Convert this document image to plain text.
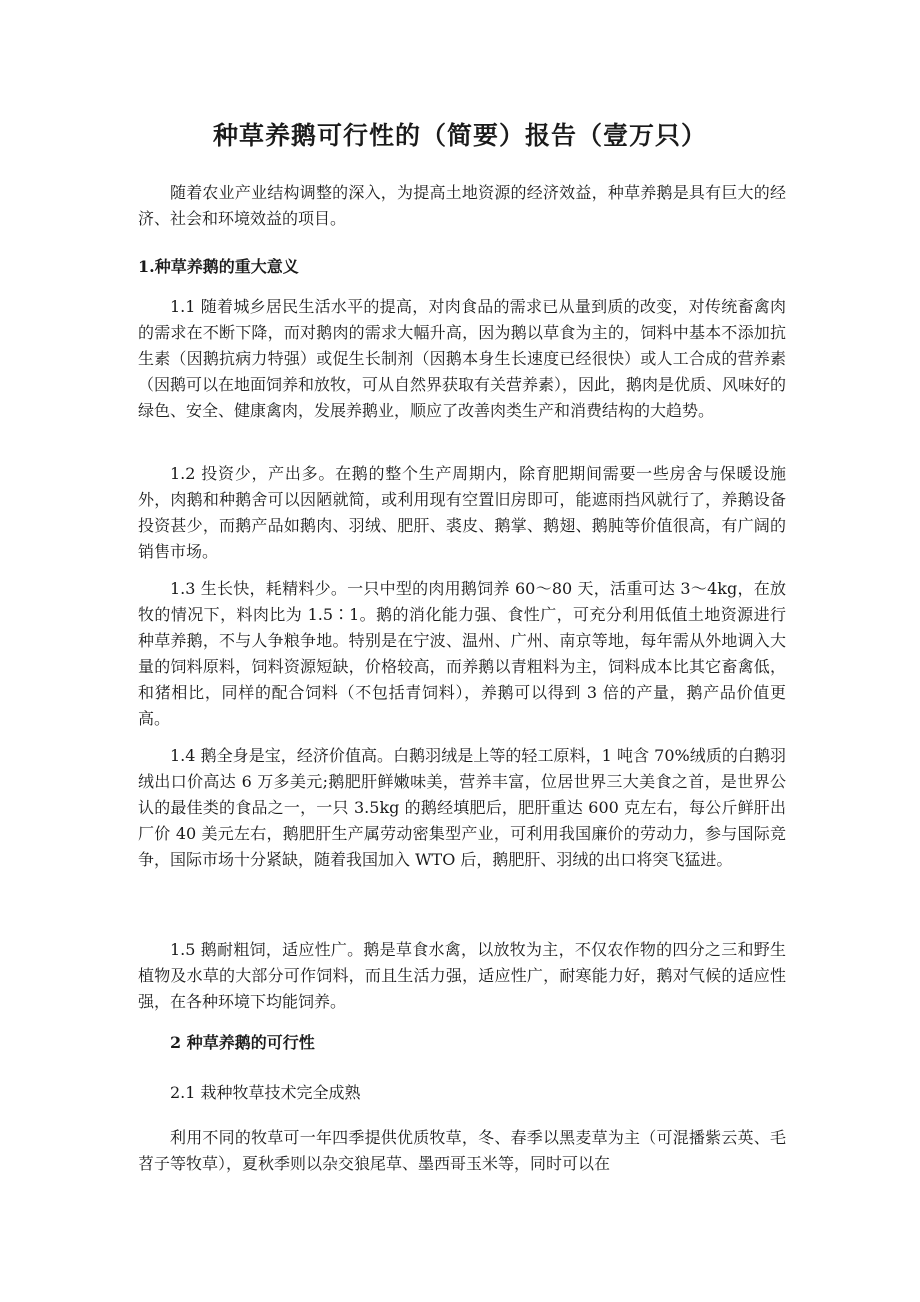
种草养鹅可行性的（简要）报告（壹万只）

随着农业产业结构调整的深入，为提高土地资源的经济效益，种草养鹅是具有巨大的经济、社会和环境效益的项目。

1.种草养鹅的重大意义

1.1 随着城乡居民生活水平的提高，对肉食品的需求已从量到质的改变，对传统畜禽肉的需求在不断下降，而对鹅肉的需求大幅升高，因为鹅以草食为主的，饲料中基本不添加抗生素（因鹅抗病力特强）或促生长制剂（因鹅本身生长速度已经很快）或人工合成的营养素（因鹅可以在地面饲养和放牧，可从自然界获取有关营养素），因此，鹅肉是优质、风味好的绿色、安全、健康禽肉，发展养鹅业，顺应了改善肉类生产和消费结构的大趋势。

1.2 投资少，产出多。在鹅的整个生产周期内，除育肥期间需要一些房舍与保暖设施外，肉鹅和种鹅舍可以因陋就简，或利用现有空置旧房即可，能遮雨挡风就行了，养鹅设备投资甚少，而鹅产品如鹅肉、羽绒、肥肝、裘皮、鹅掌、鹅翅、鹅肫等价值很高，有广阔的销售市场。

1.3 生长快，耗精料少。一只中型的肉用鹅饲养 60～80 天，活重可达 3～4kg，在放牧的情况下，料肉比为 1.5∶1。鹅的消化能力强、食性广，可充分利用低值土地资源进行种草养鹅，不与人争粮争地。特别是在宁波、温州、广州、南京等地，每年需从外地调入大量的饲料原料，饲料资源短缺，价格较高，而养鹅以青粗料为主，饲料成本比其它畜禽低，和猪相比，同样的配合饲料（不包括青饲料），养鹅可以得到 3 倍的产量，鹅产品价值更高。

1.4 鹅全身是宝，经济价值高。白鹅羽绒是上等的轻工原料，1 吨含 70%绒质的白鹅羽绒出口价高达 6 万多美元;鹅肥肝鲜嫩味美，营养丰富，位居世界三大美食之首，是世界公认的最佳类的食品之一，一只 3.5kg 的鹅经填肥后，肥肝重达 600 克左右，每公斤鲜肝出厂价 40 美元左右，鹅肥肝生产属劳动密集型产业，可利用我国廉价的劳动力，参与国际竞争，国际市场十分紧缺，随着我国加入 WTO 后，鹅肥肝、羽绒的出口将突飞猛进。

1.5 鹅耐粗饲，适应性广。鹅是草食水禽，以放牧为主，不仅农作物的四分之三和野生植物及水草的大部分可作饲料，而且生活力强，适应性广，耐寒能力好，鹅对气候的适应性强，在各种环境下均能饲养。

2 种草养鹅的可行性
2.1 栽种牧草技术完全成熟

利用不同的牧草可一年四季提供优质牧草，冬、春季以黑麦草为主（可混播紫云英、毛苕子等牧草），夏秋季则以杂交狼尾草、墨西哥玉米等，同时可以在
